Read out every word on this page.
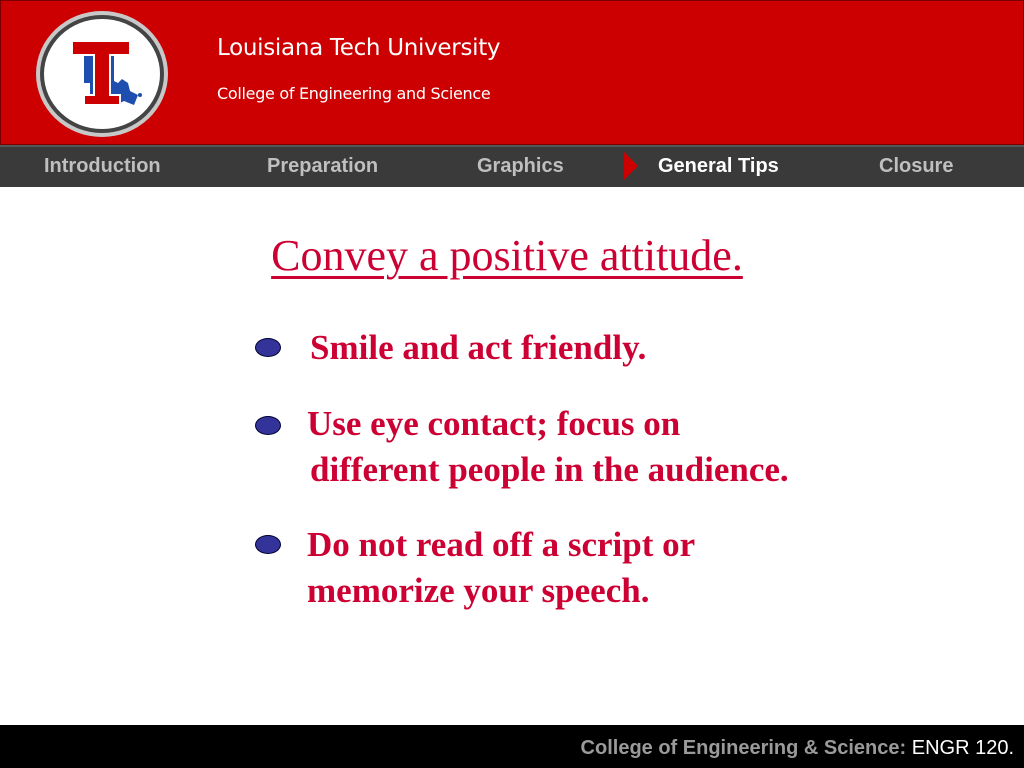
Louisiana Tech University
College of Engineering and Science
Introduction	Preparation	Graphics	General Tips	Closure
Convey a positive attitude.
Smile and act friendly.
Use eye contact; focus on
different people in the audience.
Do not read off a script or
memorize your speech.
College of Engineering & Science: ENGR 120.
